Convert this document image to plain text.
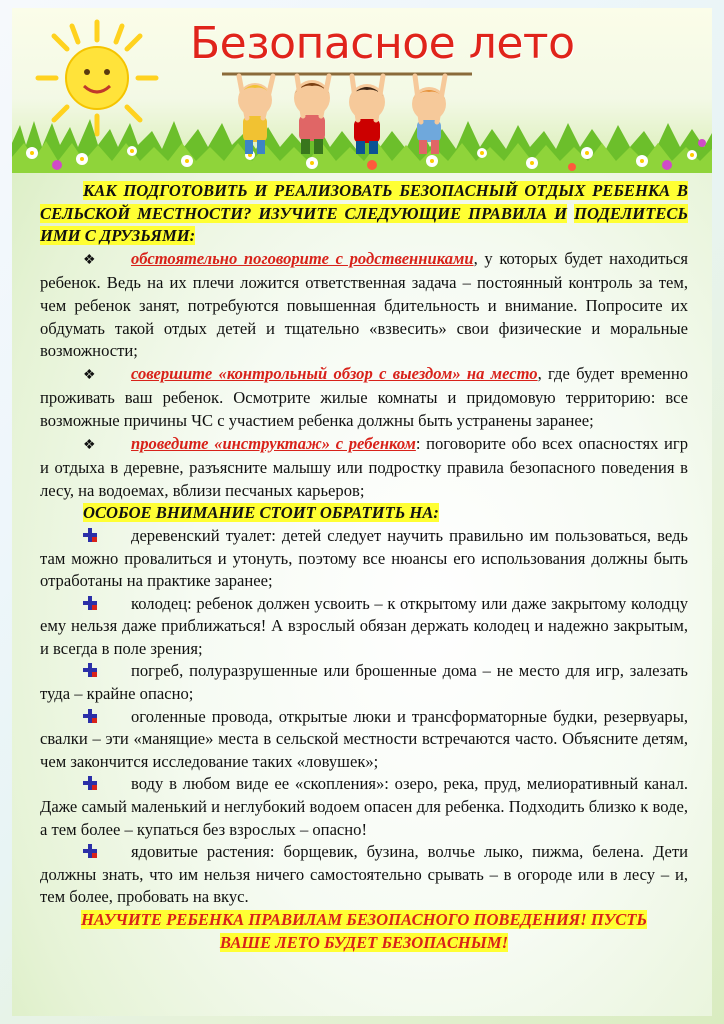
Безопасное лето

КАК ПОДГОТОВИТЬ И РЕАЛИЗОВАТЬ БЕЗОПАСНЫЙ ОТДЫХ РЕБЕНКА В СЕЛЬСКОЙ МЕСТНОСТИ? ИЗУЧИТЕ СЛЕДУЮЩИЕ ПРАВИЛА И ПОДЕЛИТЕСЬ ИМИ С ДРУЗЬЯМИ:

❖ обстоятельно поговорите с родственниками, у которых будет находиться ребенок. Ведь на их плечи ложится ответственная задача – постоянный контроль за тем, чем ребенок занят, потребуются повышенная бдительность и внимание. Попросите их обдумать такой отдых детей и тщательно «взвесить» свои физические и моральные возможности;

❖ совершите «контрольный обзор с выездом» на место, где будет временно проживать ваш ребенок. Осмотрите жилые комнаты и придомовую территорию: все возможные причины ЧС с участием ребенка должны быть устранены заранее;

❖ проведите «инструктаж» с ребенком: поговорите обо всех опасностях игр и отдыха в деревне, разъясните малышу или подростку правила безопасного поведения в лесу, на водоемах, вблизи песчаных карьеров;

ОСОБОЕ ВНИМАНИЕ СТОИТ ОБРАТИТЬ НА:

деревенский туалет: детей следует научить правильно им пользоваться, ведь там можно провалиться и утонуть, поэтому все нюансы его использования должны быть отработаны на практике заранее;

колодец: ребенок должен усвоить – к открытому или даже закрытому колодцу ему нельзя даже приближаться! А взрослый обязан держать колодец и надежно закрытым, и всегда в поле зрения;

погреб, полуразрушенные или брошенные дома – не место для игр, залезать туда – крайне опасно;

оголенные провода, открытые люки и трансформаторные будки, резервуары, свалки – эти «манящие» места в сельской местности встречаются часто. Объясните детям, чем закончится исследование таких «ловушек»;

воду в любом виде ее «скопления»: озеро, река, пруд, мелиоративный канал. Даже самый маленький и неглубокий водоем опасен для ребенка. Подходить близко к воде, а тем более – купаться без взрослых – опасно!

ядовитые растения: борщевик, бузина, волчье лыко, пижма, белена. Дети должны знать, что им нельзя ничего самостоятельно срывать – в огороде или в лесу – и, тем более, пробовать на вкус.

НАУЧИТЕ РЕБЕНКА ПРАВИЛАМ БЕЗОПАСНОГО ПОВЕДЕНИЯ! ПУСТЬ
ВАШЕ ЛЕТО БУДЕТ БЕЗОПАСНЫМ!
